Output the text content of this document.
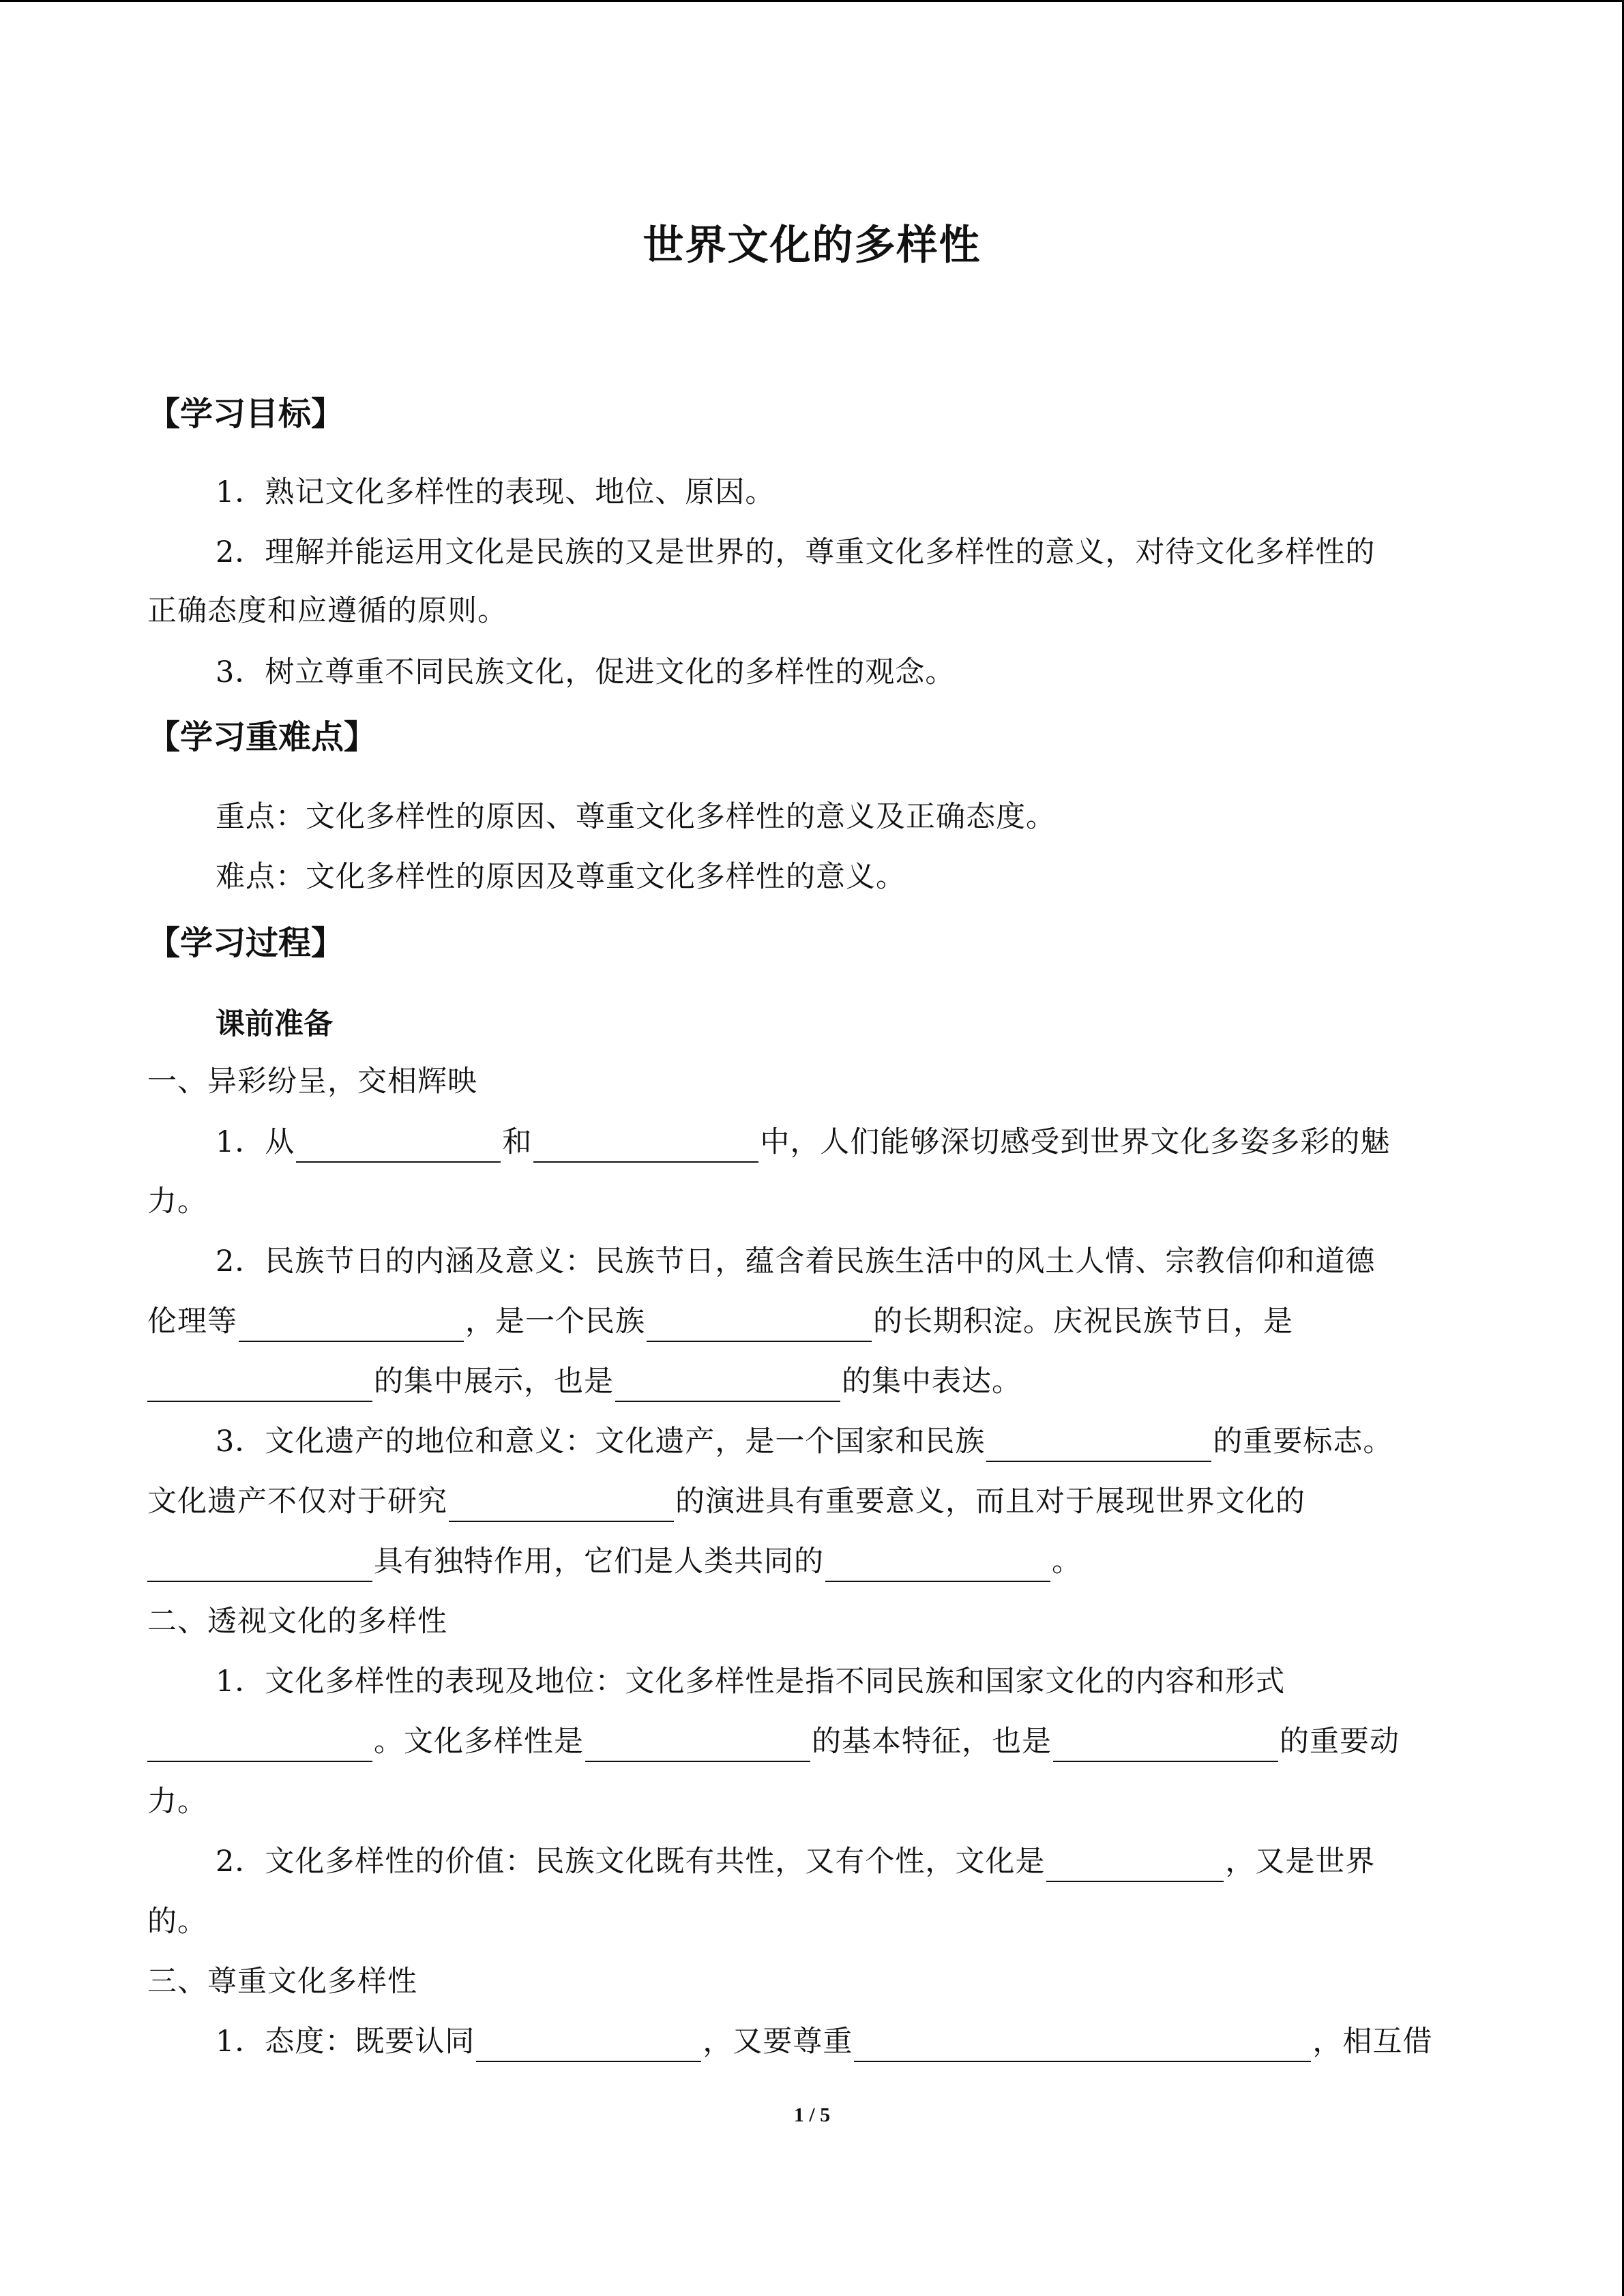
世界文化的多样性
【学习目标】
1．熟记文化多样性的表现、地位、原因。
2．理解并能运用文化是民族的又是世界的，尊重文化多样性的意义，对待文化多样性的
正确态度和应遵循的原则。
3．树立尊重不同民族文化，促进文化的多样性的观念。
【学习重难点】
重点：文化多样性的原因、尊重文化多样性的意义及正确态度。
难点：文化多样性的原因及尊重文化多样性的意义。
【学习过程】
课前准备
一、异彩纷呈，交相辉映
1．从	和	中，人们能够深切感受到世界文化多姿多彩的魅
力。
2．民族节日的内涵及意义：民族节日，蕴含着民族生活中的风土人情、宗教信仰和道德
伦理等	，是一个民族	的长期积淀。庆祝民族节日，是
的集中展示，也是	的集中表达。
3．文化遗产的地位和意义：文化遗产，是一个国家和民族	的重要标志。
文化遗产不仅对于研究	的演进具有重要意义，而且对于展现世界文化的
具有独特作用，它们是人类共同的	。
二、透视文化的多样性
1．文化多样性的表现及地位：文化多样性是指不同民族和国家文化的内容和形式
。文化多样性是	的基本特征，也是	的重要动
力。
2．文化多样性的价值：民族文化既有共性，又有个性，文化是	，又是世界
的。
三、尊重文化多样性
1．态度：既要认同	，又要尊重	，相互借
1 / 5
